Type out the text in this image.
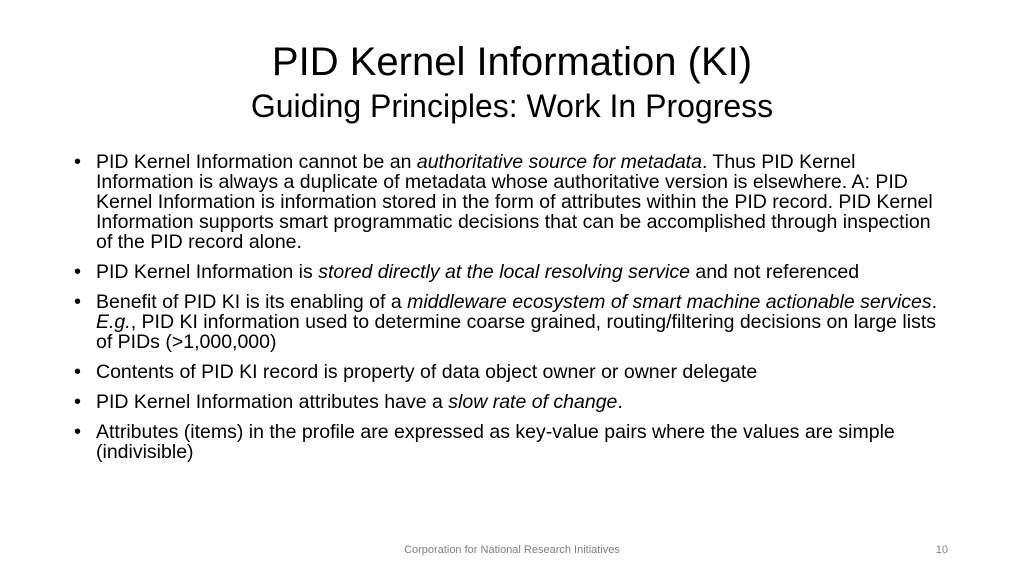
PID Kernel Information (KI)
Guiding Principles: Work In Progress
• PID Kernel Information cannot be an authoritative source for metadata. Thus PID Kernel Information is always a duplicate of metadata whose authoritative version is elsewhere. A: PID Kernel Information is information stored in the form of attributes within the PID record. PID Kernel Information supports smart programmatic decisions that can be accomplished through inspection of the PID record alone.
• PID Kernel Information is stored directly at the local resolving service and not referenced
• Benefit of PID KI is its enabling of a middleware ecosystem of smart machine actionable services. E.g., PID KI information used to determine coarse grained, routing/filtering decisions on large lists of PIDs (>1,000,000)
• Contents of PID KI record is property of data object owner or owner delegate
• PID Kernel Information attributes have a slow rate of change.
• Attributes (items) in the profile are expressed as key-value pairs where the values are simple (indivisible)
Corporation for National Research Initiatives	10
